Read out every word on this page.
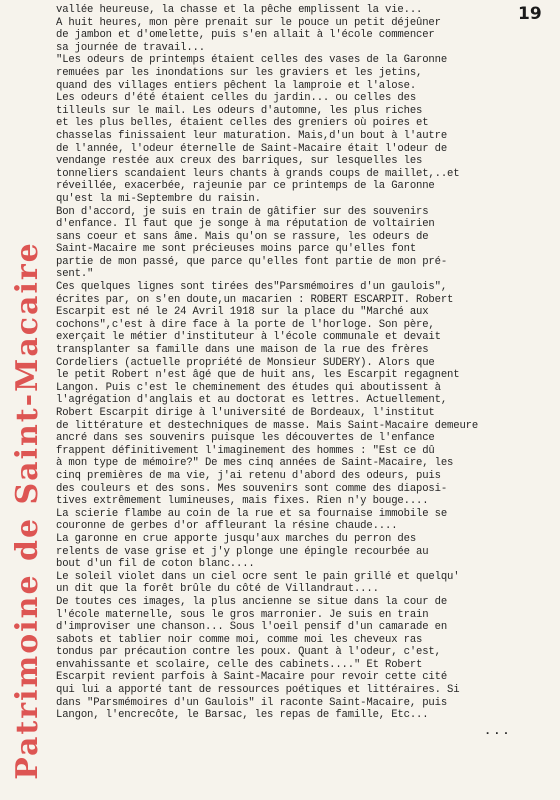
Patrimoine de Saint-Macaire
19
vallée heureuse, la chasse et la pêche emplissent la vie...
A huit heures, mon père prenait sur le pouce un petit déjeûner
de jambon et d'omelette, puis s'en allait à l'école commencer
sa journée de travail...
"Les odeurs de printemps étaient celles des vases de la Garonne
remuées par les inondations sur les graviers et les jetins,
quand des villages entiers pêchent la lamproie et l'alose.
Les odeurs d'été étaient celles du jardin... ou celles des
tilleuls sur le mail. Les odeurs d'automne, les plus riches
et les plus belles, étaient celles des greniers où poires et
chasselas finissaient leur maturation. Mais,d'un bout à l'autre
de l'année, l'odeur éternelle de Saint-Macaire était l'odeur de
vendange restée aux creux des barriques, sur lesquelles les
tonneliers scandaient leurs chants à grands coups de maillet,..et
réveillée, exacerbée, rajeunie par ce printemps de la Garonne
qu'est la mi-Septembre du raisin.
Bon d'accord, je suis en train de gâtifier sur des souvenirs
d'enfance. Il faut que je songe à ma réputation de voltairien
sans coeur et sans âme. Mais qu'on se rassure, les odeurs de
Saint-Macaire me sont précieuses moins parce qu'elles font
partie de mon passé, que parce qu'elles font partie de mon pré-
sent."
Ces quelques lignes sont tirées des"Parsmémoires d'un gaulois",
écrites par, on s'en doute,un macarien : ROBERT ESCARPIT. Robert
Escarpit est né le 24 Avril 1918 sur la place du "Marché aux
cochons",c'est à dire face à la porte de l'horloge. Son père,
exerçait le métier d'instituteur à l'école communale et devait
transplanter sa famille dans une maison de la rue des frères
Cordeliers (actuelle propriété de Monsieur SUDERY). Alors que
le petit Robert n'est âgé que de huit ans, les Escarpit regagnent
Langon. Puis c'est le cheminement des études qui aboutissent à
l'agrégation d'anglais et au doctorat es lettres. Actuellement,
Robert Escarpit dirige à l'université de Bordeaux, l'institut
de littérature et destechniques de masse. Mais Saint-Macaire demeure
ancré dans ses souvenirs puisque les découvertes de l'enfance
frappent définitivement l'imaginement des hommes : "Est ce dû
à mon type de mémoire?" De mes cinq années de Saint-Macaire, les
cinq premières de ma vie, j'ai retenu d'abord des odeurs, puis
des couleurs et des sons. Mes souvenirs sont comme des diaposi-
tives extrêmement lumineuses, mais fixes. Rien n'y bouge....
La scierie flambe au coin de la rue et sa fournaise immobile se
couronne de gerbes d'or affleurant la résine chaude....
La garonne en crue apporte jusqu'aux marches du perron des
relents de vase grise et j'y plonge une épingle recourbée au
bout d'un fil de coton blanc....
Le soleil violet dans un ciel ocre sent le pain grillé et quelqu'
un dit que la forêt brûle du côté de Villandraut....
De toutes ces images, la plus ancienne se situe dans la cour de
l'école maternelle, sous le gros marronier. Je suis en train
d'improviser une chanson... Sous l'oeil pensif d'un camarade en
sabots et tablier noir comme moi, comme moi les cheveux ras
tondus par précaution contre les poux. Quant à l'odeur, c'est,
envahissante et scolaire, celle des cabinets...." Et Robert
Escarpit revient parfois à Saint-Macaire pour revoir cette cité
qui lui a apporté tant de ressources poétiques et littéraires. Si
dans "Parsmémoires d'un Gaulois" il raconte Saint-Macaire, puis
Langon, l'encrecôte, le Barsac, les repas de famille, Etc...
...
